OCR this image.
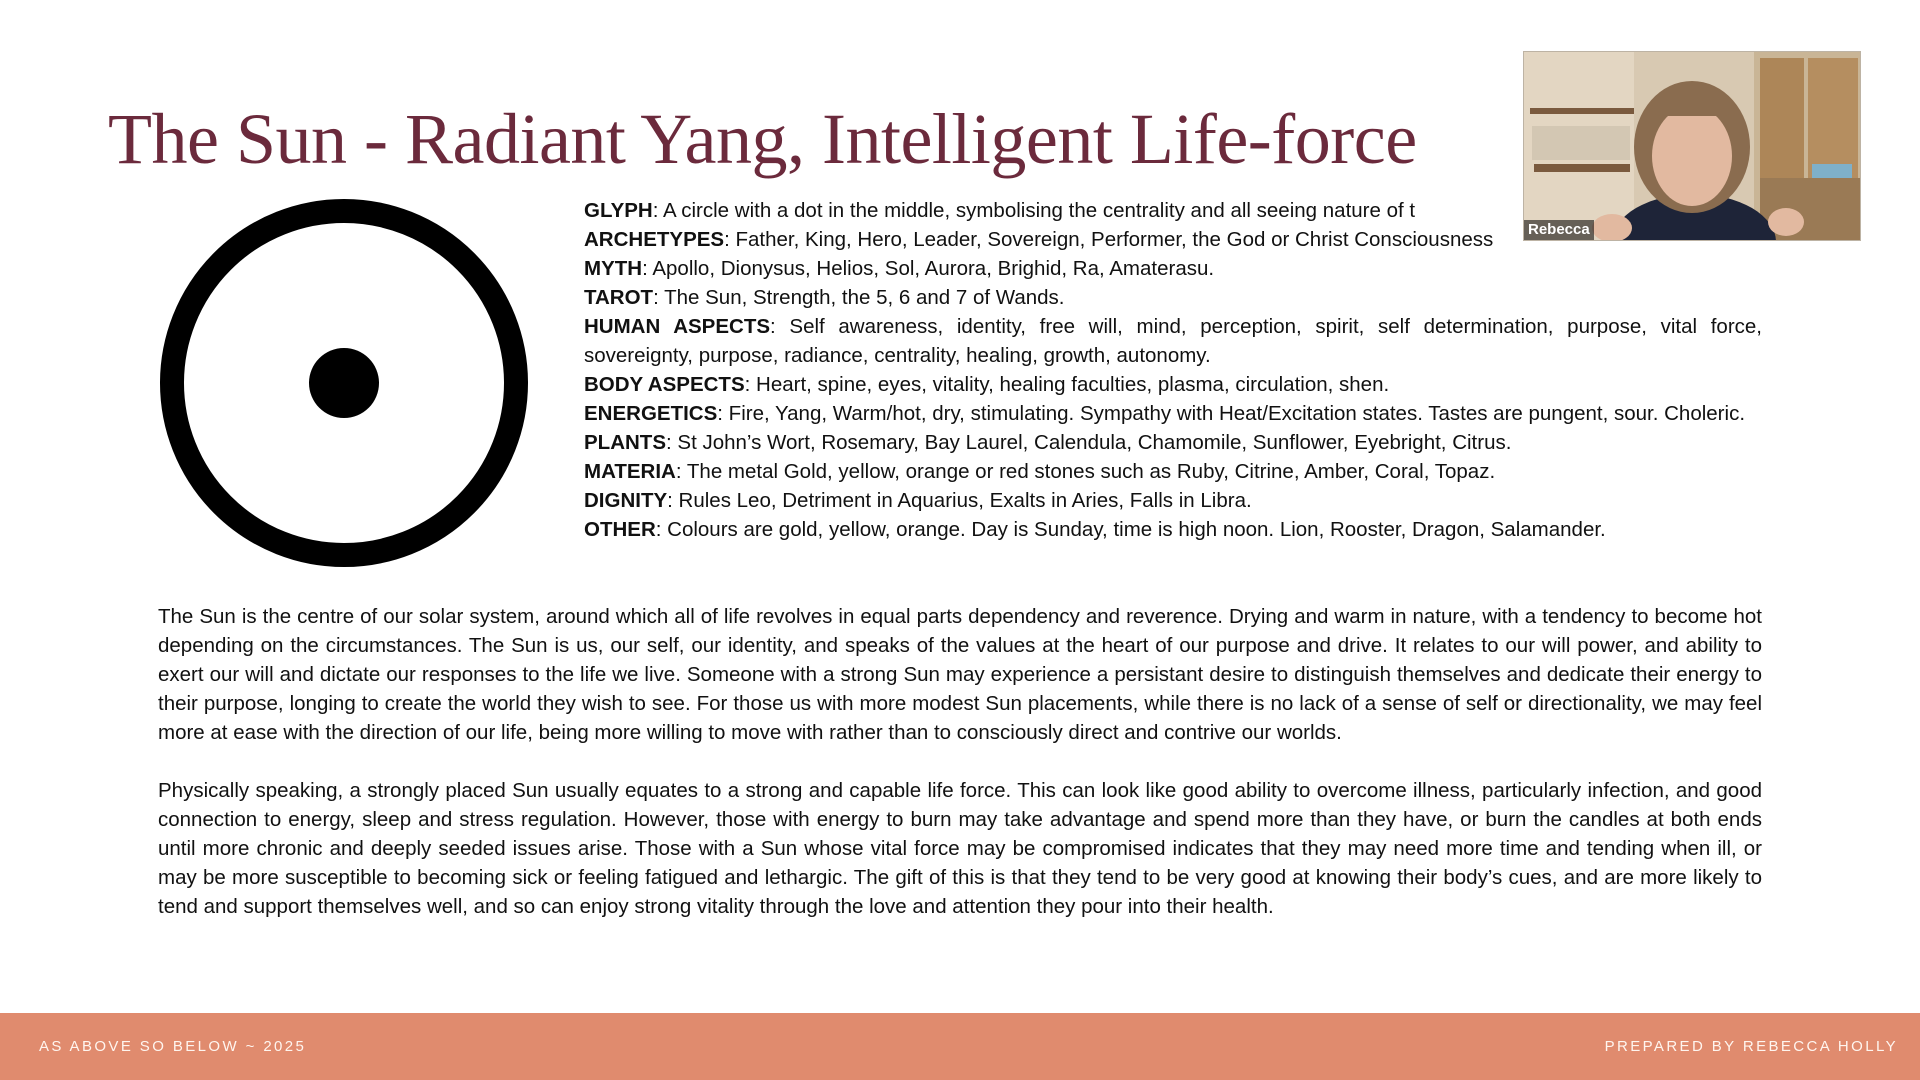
The Sun - Radiant Yang, Intelligent Life-force

GLYPH: A circle with a dot in the middle, symbolising the centrality and all seeing nature of t

ARCHETYPES: Father, King, Hero, Leader, Sovereign, Performer, the God or Christ Consciousness

MYTH: Apollo, Dionysus, Helios, Sol, Aurora, Brighid, Ra, Amaterasu.

TAROT: The Sun, Strength, the 5, 6 and 7 of Wands.

HUMAN ASPECTS: Self awareness, identity, free will, mind, perception, spirit, self determination, purpose, vital force, sovereignty, purpose, radiance, centrality, healing, growth, autonomy.

BODY ASPECTS: Heart, spine, eyes, vitality, healing faculties, plasma, circulation, shen.

ENERGETICS: Fire, Yang, Warm/hot, dry, stimulating. Sympathy with Heat/Excitation states. Tastes are pungent, sour. Choleric.

PLANTS: St John’s Wort, Rosemary, Bay Laurel, Calendula, Chamomile, Sunflower, Eyebright, Citrus.

MATERIA: The metal Gold, yellow, orange or red stones such as Ruby, Citrine, Amber, Coral, Topaz.

DIGNITY: Rules Leo, Detriment in Aquarius, Exalts in Aries, Falls in Libra.

OTHER: Colours are gold, yellow, orange. Day is Sunday, time is high noon. Lion, Rooster, Dragon, Salamander.

The Sun is the centre of our solar system, around which all of life revolves in equal parts dependency and reverence. Drying and warm in nature, with a tendency to become hot depending on the circumstances. The Sun is us, our self, our identity, and speaks of the values at the heart of our purpose and drive. It relates to our will power, and ability to exert our will and dictate our responses to the life we live. Someone with a strong Sun may experience a persistant desire to distinguish themselves and dedicate their energy to their purpose, longing to create the world they wish to see. For those us with more modest Sun placements, while there is no lack of a sense of self or directionality, we may feel more at ease with the direction of our life, being more willing to move with rather than to consciously direct and contrive our worlds.

Physically speaking, a strongly placed Sun usually equates to a strong and capable life force. This can look like good ability to overcome illness, particularly infection, and good connection to energy, sleep and stress regulation. However, those with energy to burn may take advantage and spend more than they have, or burn the candles at both ends until more chronic and deeply seeded issues arise. Those with a Sun whose vital force may be compromised indicates that they may need more time and tending when ill, or may be more susceptible to becoming sick or feeling fatigued and lethargic. The gift of this is that they tend to be very good at knowing their body’s cues, and are more likely to tend and support themselves well, and so can enjoy strong vitality through the love and attention they pour into their health.

Rebecca
AS ABOVE SO BELOW ~ 2025	PREPARED BY REBECCA HOLLY
